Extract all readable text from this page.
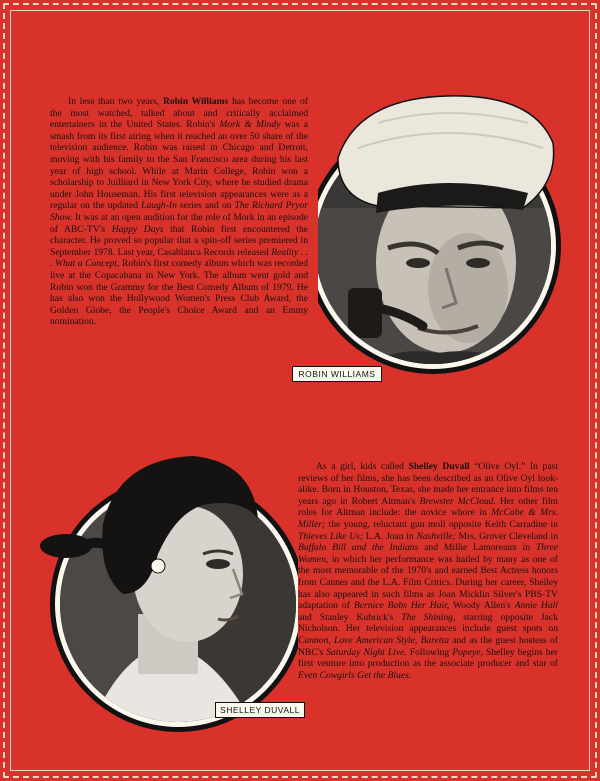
In less than two years, Robin Williams has become one of the most watched, talked about and critically acclaimed entertainers in the United States. Robin's Mork & Mindy was a smash from its first airing when it reached an over 50 share of the television audience. Robin was raised in Chicago and Detroit, moving with his family to the San Francisco area during his last year of high school. While at Marin College, Robin won a scholarship to Juilliard in New York City, where he studied drama under John Houseman. His first television appearances were as a regular on the updated Laugh-In series and on The Richard Pryor Show. It was at an open audition for the role of Mork in an episode of ABC-TV's Happy Days that Robin first encountered the character. He proved so popular that a spin-off series premiered in September 1978. Last year, Casablanca Records released Reality . . . What a Concept, Robin's first comedy album which was recorded live at the Copacabana in New York. The album went gold and Robin won the Grammy for the Best Comedy Album of 1979. He has also won the Hollywood Women's Press Club Award, the Golden Globe, the People's Choice Award and an Emmy nomination.

ROBIN WILLIAMS
SHELLEY DUVALL

As a girl, kids called Shelley Duvall “Olive Oyl.” In past reviews of her films, she has been described as an Olive Oyl look-alike. Born in Houston, Texas, she made her entrance into films ten years ago in Robert Altman's Brewster McCloud. Her other film roles for Altman include: the novice whore in McCabe & Mrs. Miller; the young, reluctant gun moll opposite Keith Carradine in Thieves Like Us; L.A. Joan in Nashville; Mrs. Grover Cleveland in Buffalo Bill and the Indians and Millie Lamoreaux in Three Women, in which her performance was hailed by many as one of the most memorable of the 1970's and earned Best Actress honors from Cannes and the L.A. Film Critics. During her career, Shelley has also appeared in such films as Joan Micklin Silver's PBS-TV adaptation of Bernice Bobs Her Hair, Woody Allen's Annie Hall and Stanley Kubrick's The Shining, starring opposite Jack Nicholson. Her television appearances include guest spots on Cannon, Love American Style, Baretta and as the guest hostess of NBC's Saturday Night Live. Following Popeye, Shelley begins her first venture into production as the associate producer and star of Even Cowgirls Get the Blues.
